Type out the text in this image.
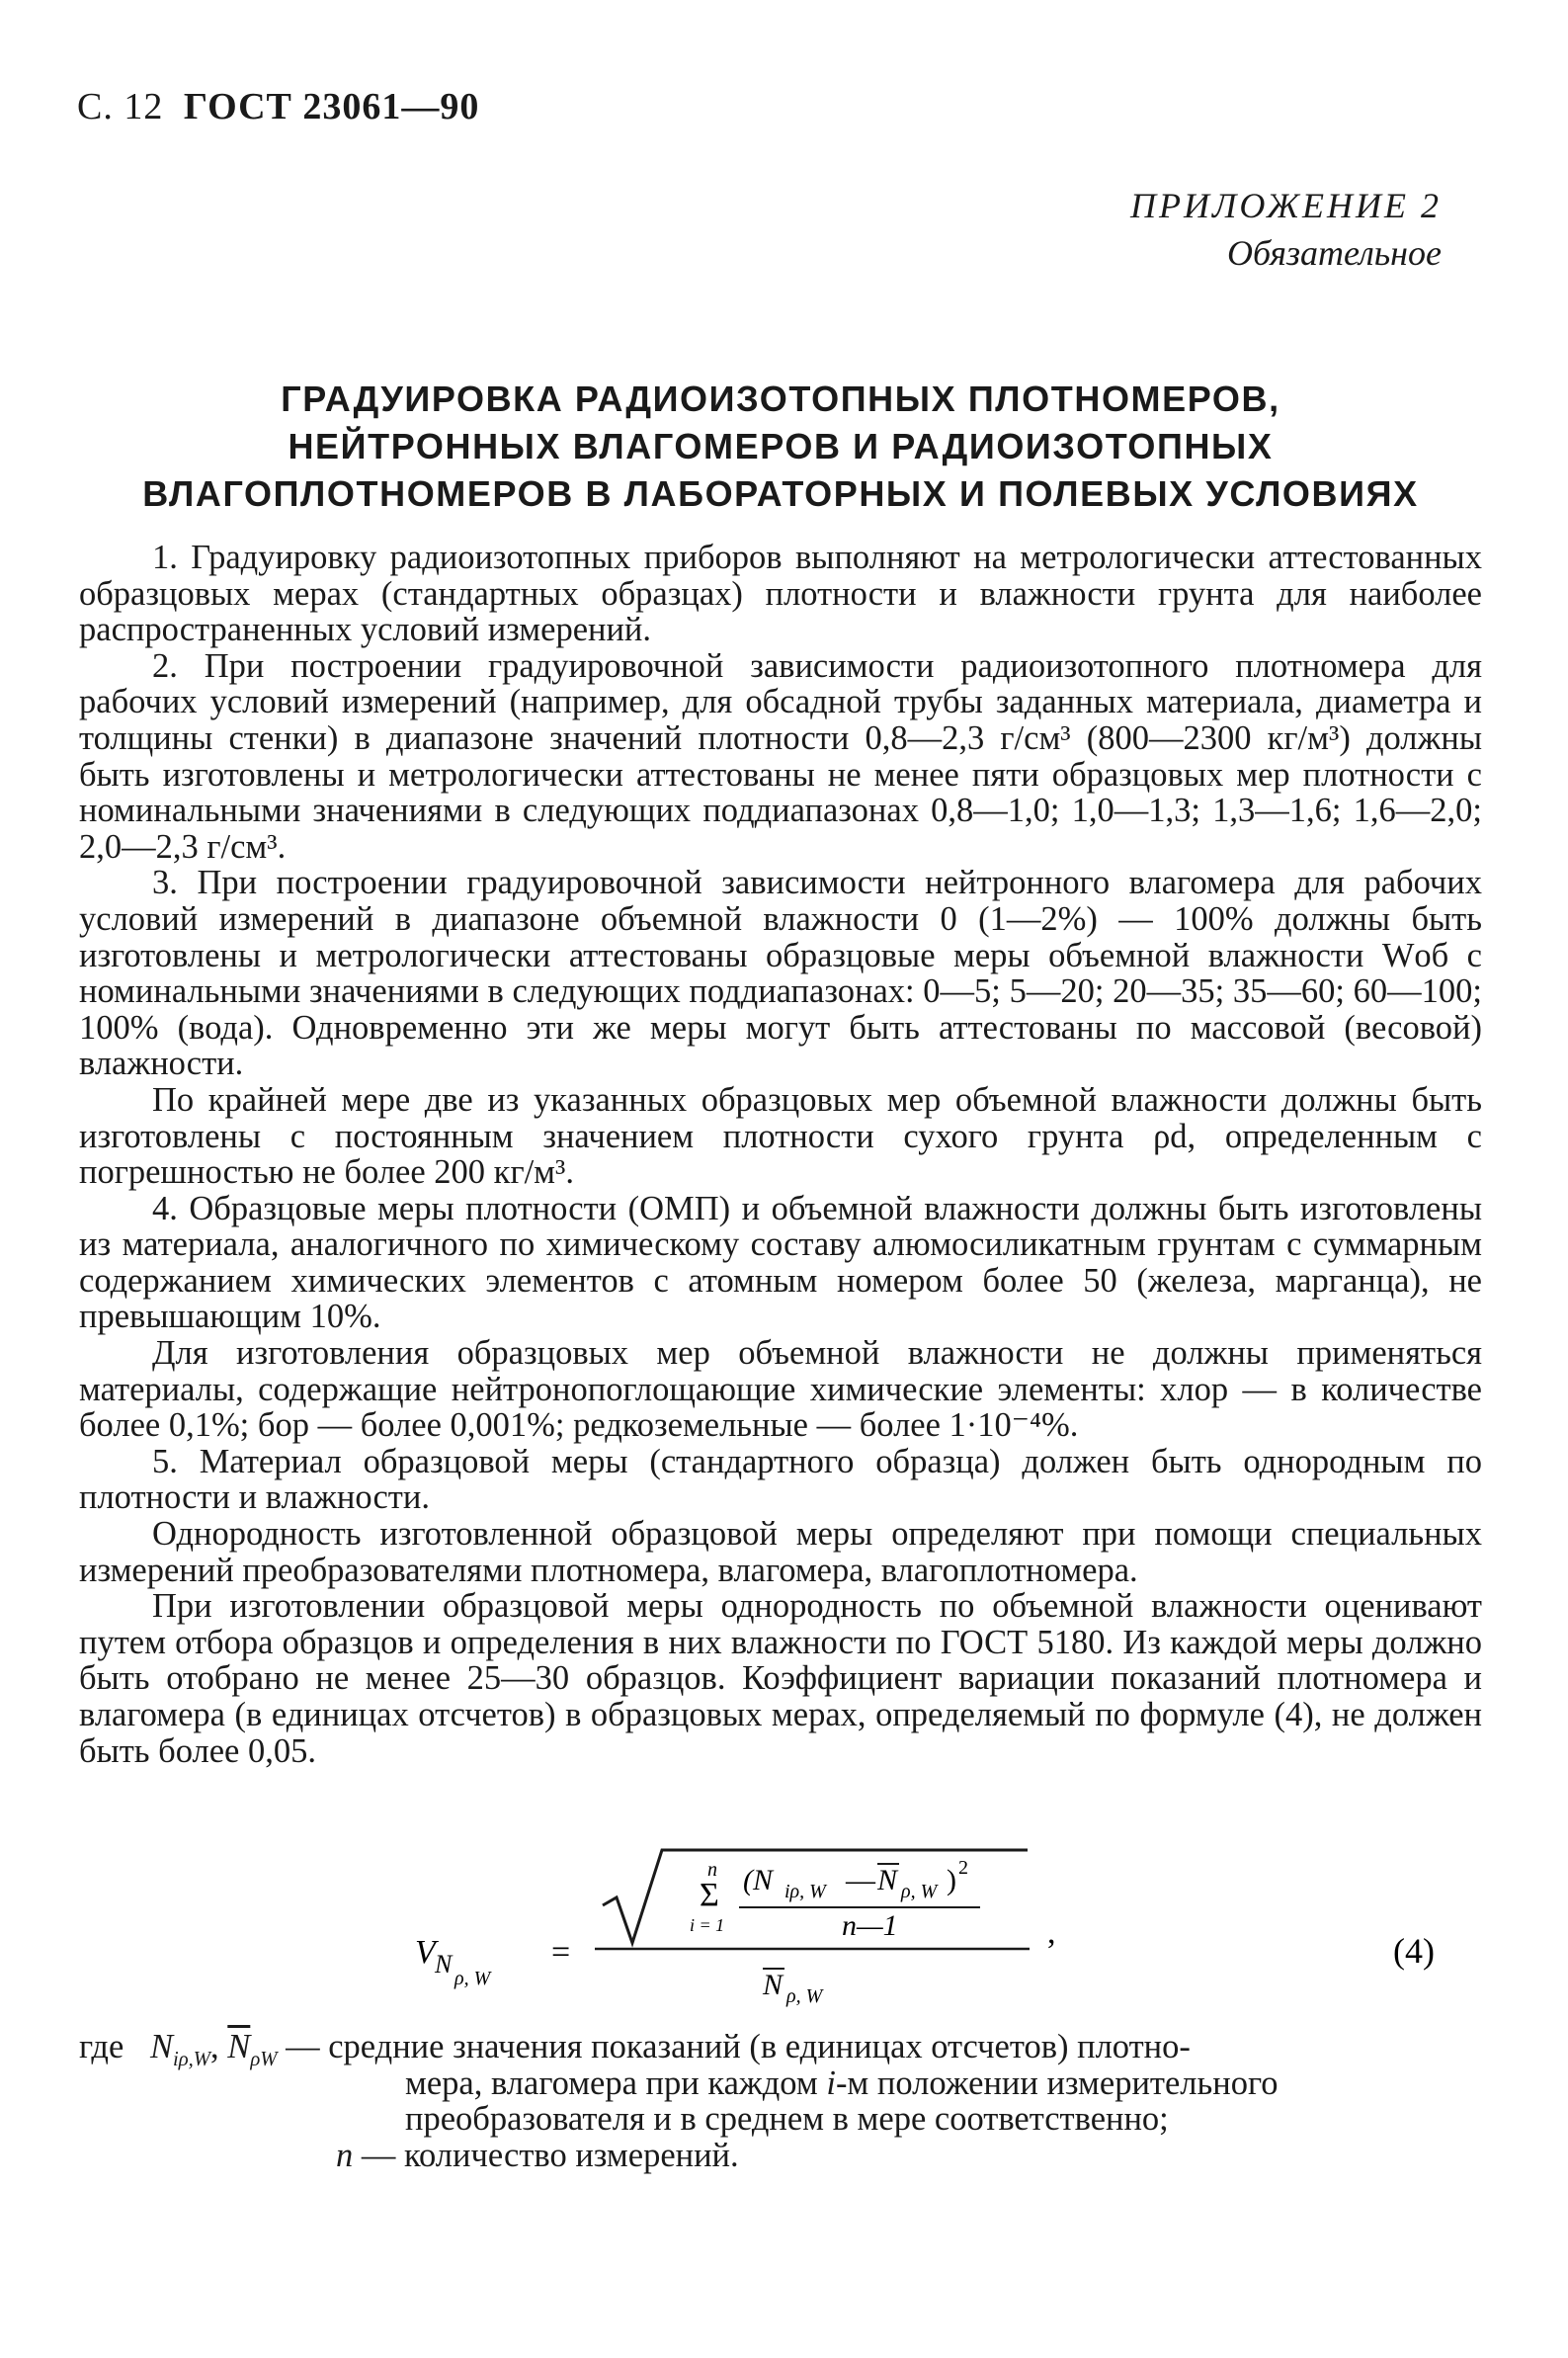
С. 12 ГОСТ 23061—90
ПРИЛОЖЕНИЕ 2
Обязательное
ГРАДУИРОВКА РАДИОИЗОТОПНЫХ ПЛОТНОМЕРОВ,
НЕЙТРОННЫХ ВЛАГОМЕРОВ И РАДИОИЗОТОПНЫХ
ВЛАГОПЛОТНОМЕРОВ В ЛАБОРАТОРНЫХ И ПОЛЕВЫХ УСЛОВИЯХ

1. Градуировку радиоизотопных приборов выполняют на метрологически аттестованных образцовых мерах (стандартных образцах) плотности и влажности грунта для наиболее распространенных условий измерений.

2. При построении градуировочной зависимости радиоизотопного плотномера для рабочих условий измерений (например, для обсадной трубы заданных материала, диаметра и толщины стенки) в диапазоне значений плотности 0,8—2,3 г/см³ (800—2300 кг/м³) должны быть изготовлены и метрологически аттестованы не менее пяти образцовых мер плотности с номинальными значениями в следующих поддиапазонах 0,8—1,0; 1,0—1,3; 1,3—1,6; 1,6—2,0; 2,0—2,3 г/см³.

3. При построении градуировочной зависимости нейтронного влагомера для рабочих условий измерений в диапазоне объемной влажности 0 (1—2%) — 100% должны быть изготовлены и метрологически аттестованы образцовые меры объемной влажности Wоб с номинальными значениями в следующих поддиапазонах: 0—5; 5—20; 20—35; 35—60; 60—100; 100% (вода). Одновременно эти же меры могут быть аттестованы по массовой (весовой) влажности.

По крайней мере две из указанных образцовых мер объемной влажности должны быть изготовлены с постоянным значением плотности сухого грунта ρd, определенным с погрешностью не более 200 кг/м³.

4. Образцовые меры плотности (ОМП) и объемной влажности должны быть изготовлены из материала, аналогичного по химическому составу алюмосиликатным грунтам с суммарным содержанием химических элементов с атомным номером более 50 (железа, марганца), не превышающим 10%.

Для изготовления образцовых мер объемной влажности не должны применяться материалы, содержащие нейтронопоглощающие химические элементы: хлор — в количестве более 0,1%; бор — более 0,001%; редкоземельные — более 1·10⁻⁴%.

5. Материал образцовой меры (стандартного образца) должен быть однородным по плотности и влажности.

Однородность изготовленной образцовой меры определяют при помощи специальных измерений преобразователями плотномера, влагомера, влагоплотномера.

При изготовлении образцовой меры однородность по объемной влажности оценивают путем отбора образцов и определения в них влажности по ГОСТ 5180. Из каждой меры должно быть отобрано не менее 25—30 образцов. Коэффициент вариации показаний плотномера и влагомера (в единицах отсчетов) в образцовых мерах, определяемый по формуле (4), не должен быть более 0,05.

V N ρ, W
=
n
Σ
i = 1
(N iρ, W — N ρ, W ) 2
n—1
N ρ, W
,	(4)
где $N_{i\rho,W}$, $\overline{N}_{\rho W}$ — средние значения показаний (в единицах отсчетов) плотно-
мера, влагомера при каждом i-м положении измерительного
преобразователя и в среднем в мере соответственно;
n — количество измерений.
